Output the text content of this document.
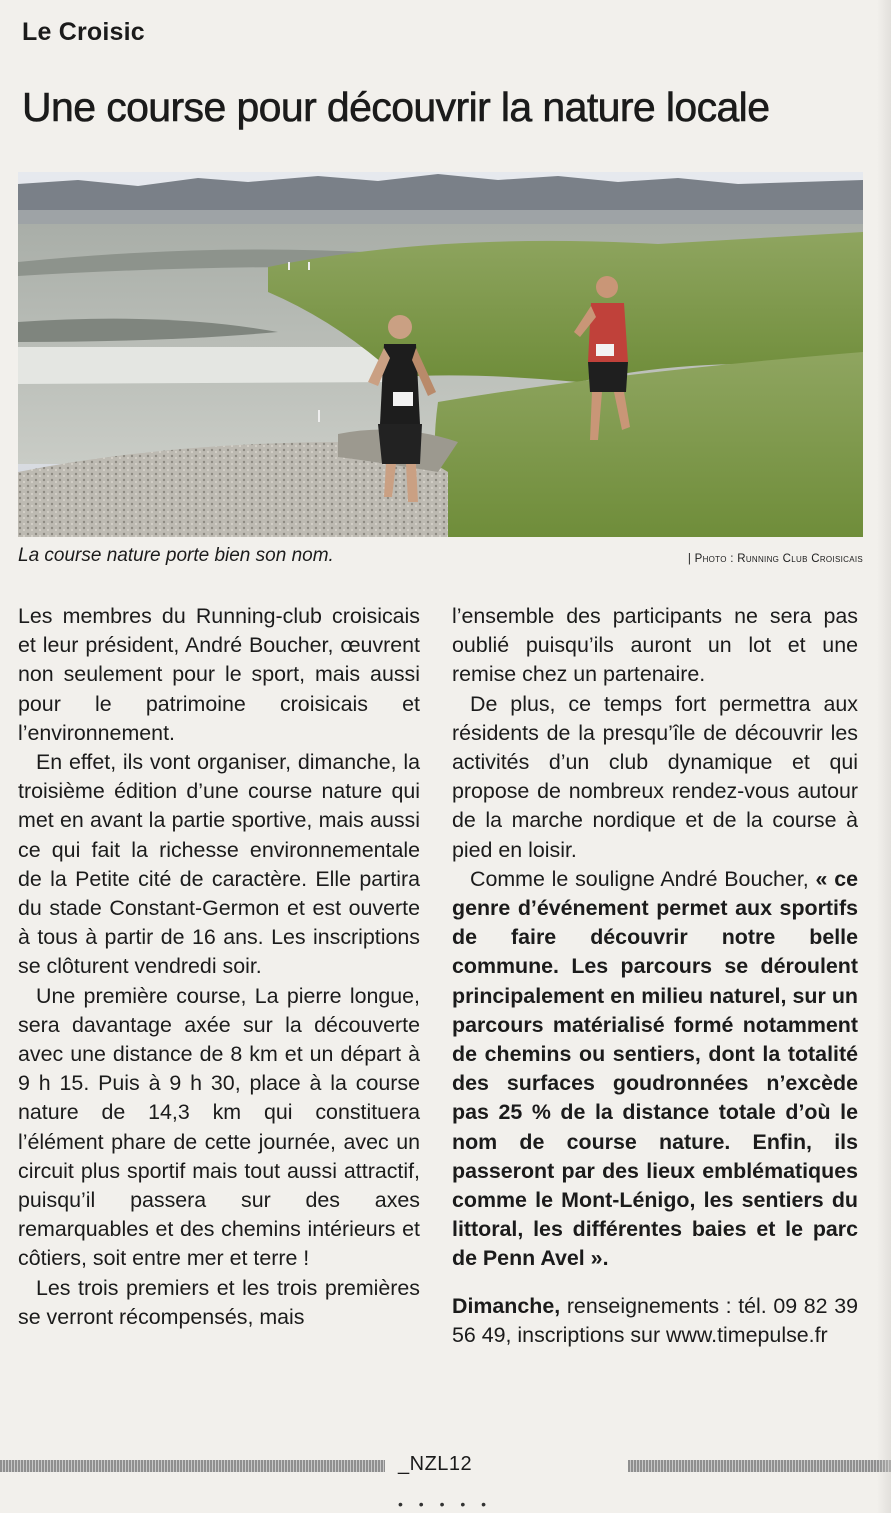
Le Croisic
Une course pour découvrir la nature locale
La course nature porte bien son nom.	| Photo : Running Club Croisicais

Les membres du Running-club croisicais et leur président, André Boucher, œuvrent non seulement pour le sport, mais aussi pour le patrimoine croisicais et l’environnement.

En effet, ils vont organiser, dimanche, la troisième édition d’une course nature qui met en avant la partie sportive, mais aussi ce qui fait la richesse environnementale de la Petite cité de caractère. Elle partira du stade Constant-Germon et est ouverte à tous à partir de 16 ans. Les inscriptions se clôturent vendredi soir.

Une première course, La pierre longue, sera davantage axée sur la découverte avec une distance de 8 km et un départ à 9 h 15. Puis à 9 h 30, place à la course nature de 14,3 km qui constituera l’élément phare de cette journée, avec un circuit plus sportif mais tout aussi attractif, puisqu’il passera sur des axes remarquables et des chemins intérieurs et côtiers, soit entre mer et terre !

Les trois premiers et les trois premières se verront récompensés, mais

l’ensemble des participants ne sera pas oublié puisqu’ils auront un lot et une remise chez un partenaire.

De plus, ce temps fort permettra aux résidents de la presqu’île de découvrir les activités d’un club dynamique et qui propose de nombreux rendez-vous autour de la marche nordique et de la course à pied en loisir.

Comme le souligne André Boucher, « ce genre d’événement permet aux sportifs de faire découvrir notre belle commune. Les parcours se déroulent principalement en milieu naturel, sur un parcours matérialisé formé notamment de chemins ou sentiers, dont la totalité des surfaces goudronnées n’excède pas 25 % de la distance totale d’où le nom de course nature. Enfin, ils passeront par des lieux emblématiques comme le Mont-Lénigo, les sentiers du littoral, les différentes baies et le parc de Penn Avel ».

Dimanche, renseignements : tél. 09 82 39 56 49, inscriptions sur www.timepulse.fr

_NZL12
• • • • •
